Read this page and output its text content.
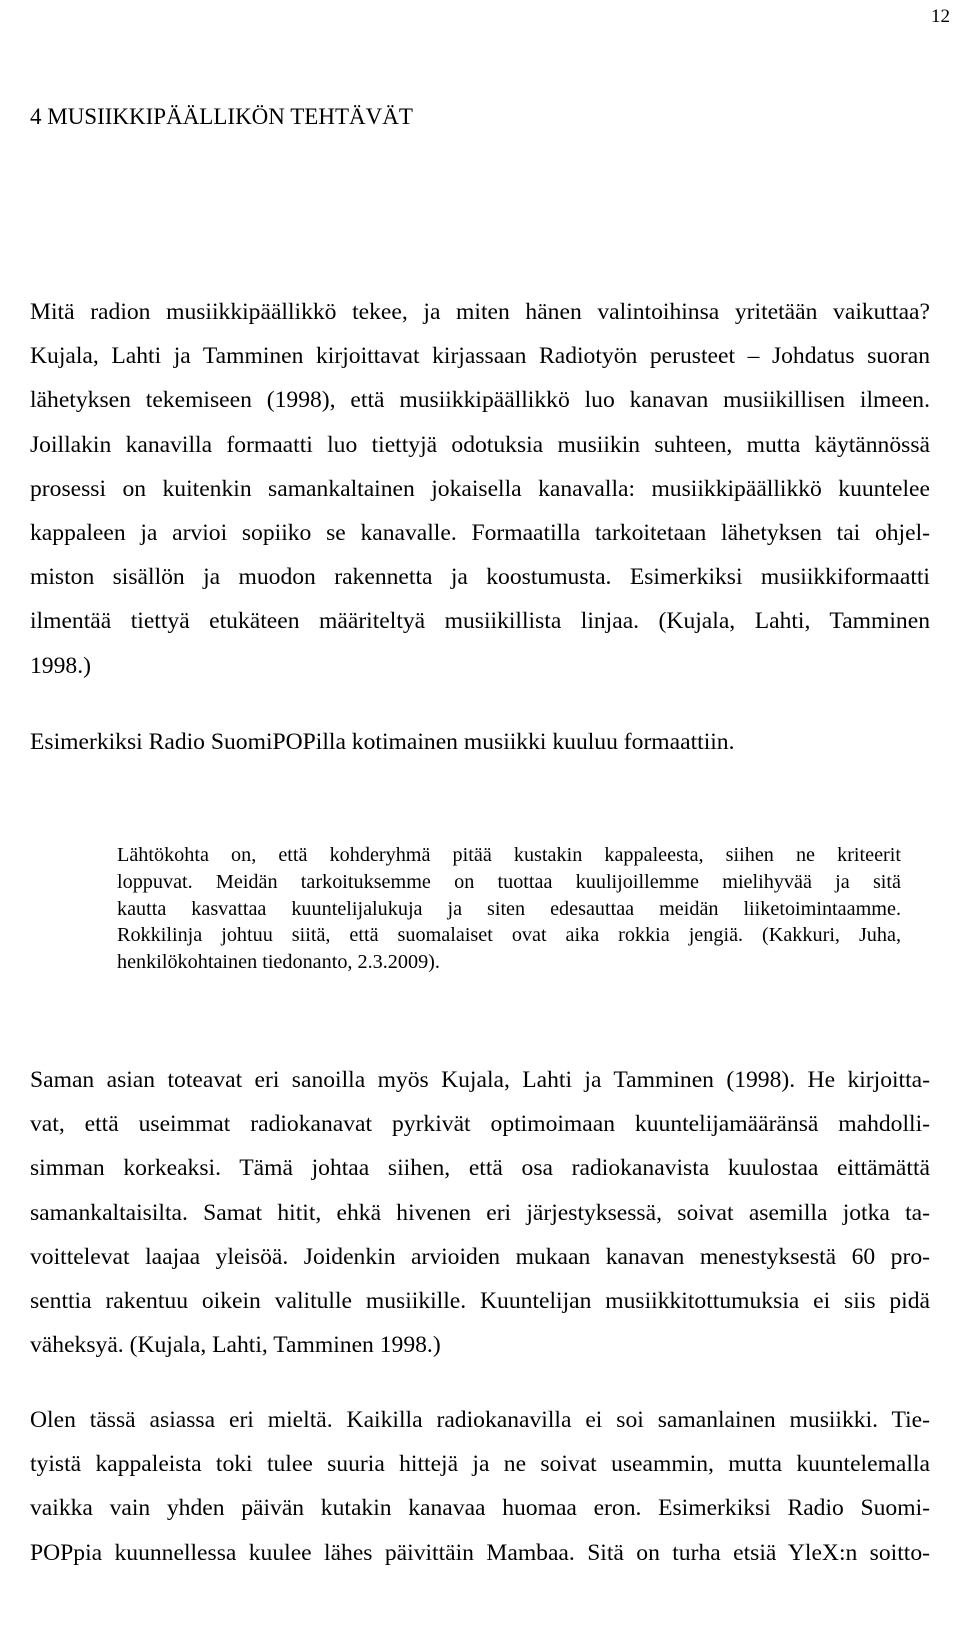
12
4 MUSIIKKIPÄÄLLIKÖN TEHTÄVÄT
Mitä radion musiikkipäällikkö tekee, ja miten hänen valintoihinsa yritetään vaikuttaa?
Kujala, Lahti ja Tamminen kirjoittavat kirjassaan Radiotyön perusteet – Johdatus suoran
lähetyksen tekemiseen (1998), että musiikkipäällikkö luo kanavan musiikillisen ilmeen.
Joillakin kanavilla formaatti luo tiettyjä odotuksia musiikin suhteen, mutta käytännössä
prosessi on kuitenkin samankaltainen jokaisella kanavalla: musiikkipäällikkö kuuntelee
kappaleen ja arvioi sopiiko se kanavalle. Formaatilla tarkoitetaan lähetyksen tai ohjel-
miston sisällön ja muodon rakennetta ja koostumusta. Esimerkiksi musiikkiformaatti
ilmentää tiettyä etukäteen määriteltyä musiikillista linjaa. (Kujala, Lahti, Tamminen
1998.)
Esimerkiksi Radio SuomiPOPilla kotimainen musiikki kuuluu formaattiin.
Lähtökohta on, että kohderyhmä pitää kustakin kappaleesta, siihen ne kriteerit
loppuvat. Meidän tarkoituksemme on tuottaa kuulijoillemme mielihyvää ja sitä
kautta kasvattaa kuuntelijalukuja ja siten edesauttaa meidän liiketoimintaamme.
Rokkilinja johtuu siitä, että suomalaiset ovat aika rokkia jengiä. (Kakkuri, Juha,
henkilökohtainen tiedonanto, 2.3.2009).
Saman asian toteavat eri sanoilla myös Kujala, Lahti ja Tamminen (1998). He kirjoitta-
vat, että useimmat radiokanavat pyrkivät optimoimaan kuuntelijamääränsä mahdolli-
simman korkeaksi. Tämä johtaa siihen, että osa radiokanavista kuulostaa eittämättä
samankaltaisilta. Samat hitit, ehkä hivenen eri järjestyksessä, soivat asemilla jotka ta-
voittelevat laajaa yleisöä. Joidenkin arvioiden mukaan kanavan menestyksestä 60 pro-
senttia rakentuu oikein valitulle musiikille. Kuuntelijan musiikkitottumuksia ei siis pidä
väheksyä. (Kujala, Lahti, Tamminen 1998.)
Olen tässä asiassa eri mieltä. Kaikilla radiokanavilla ei soi samanlainen musiikki. Tie-
tyistä kappaleista toki tulee suuria hittejä ja ne soivat useammin, mutta kuuntelemalla
vaikka vain yhden päivän kutakin kanavaa huomaa eron. Esimerkiksi Radio Suomi-
POPpia kuunnellessa kuulee lähes päivittäin Mambaa. Sitä on turha etsiä YleX:n soitto-
